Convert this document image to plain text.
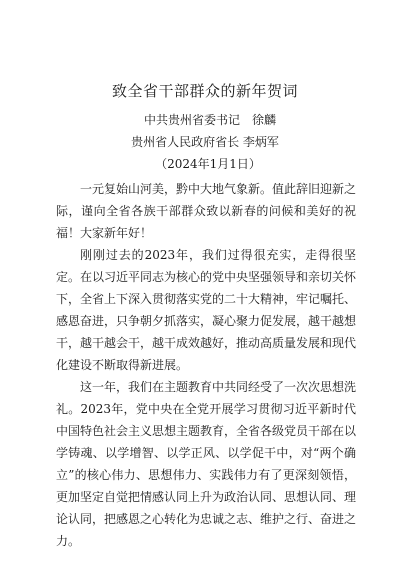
致全省干部群众的新年贺词
中共贵州省委书记　徐麟
贵州省人民政府省长 李炳军
（2024年1月1日）

一元复始山河美，黔中大地气象新。值此辞旧迎新之际，谨向全省各族干部群众致以新春的问候和美好的祝福！大家新年好！

刚刚过去的2023年，我们过得很充实，走得很坚定。在以习近平同志为核心的党中央坚强领导和亲切关怀下，全省上下深入贯彻落实党的二十大精神，牢记嘱托、感恩奋进，只争朝夕抓落实，凝心聚力促发展，越干越想干，越干越会干，越干成效越好，推动高质量发展和现代化建设不断取得新进展。

这一年，我们在主题教育中共同经受了一次次思想洗礼。2023年，党中央在全党开展学习贯彻习近平新时代中国特色社会主义思想主题教育，全省各级党员干部在以学铸魂、以学增智、以学正风、以学促干中，对“两个确立”的核心伟力、思想伟力、实践伟力有了更深刻领悟，更加坚定自觉把情感认同上升为政治认同、思想认同、理论认同，把感恩之心转化为忠诚之志、维护之行、奋进之力。
